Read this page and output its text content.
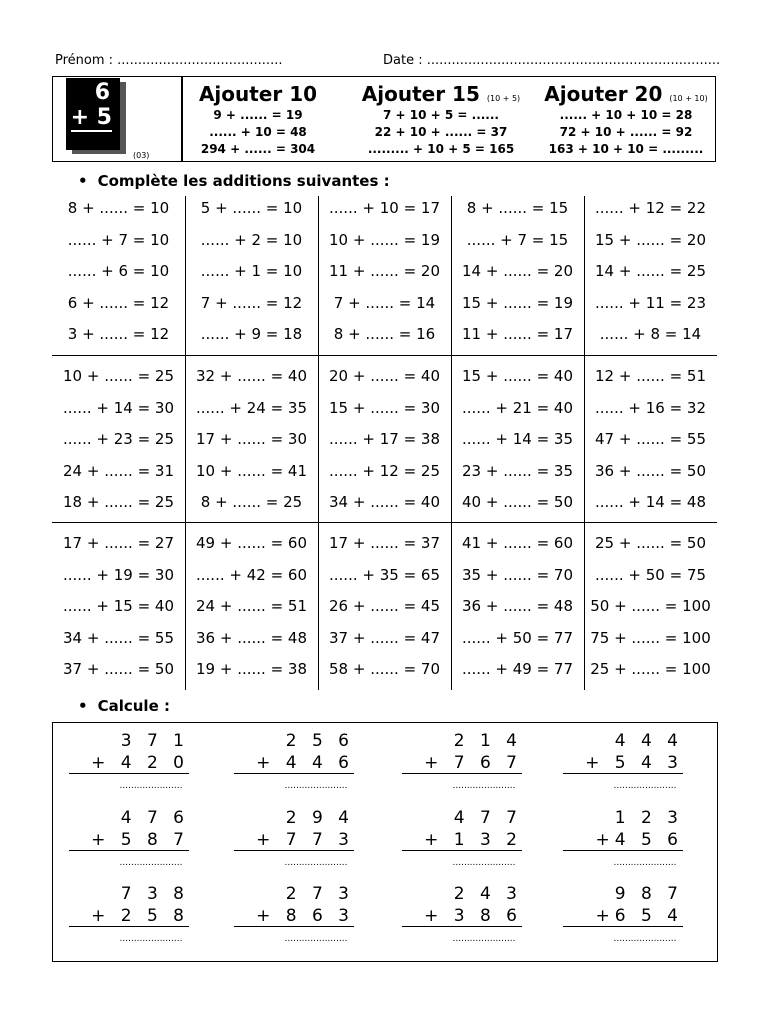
Prénom : ........................................	Date : .......................................................................
6
+ 5
(03)
Ajouter 10
9 + ...... = 19
...... + 10 = 48
294 + ...... = 304
Ajouter 15 (10 + 5)
7 + 10 + 5 = ......
22 + 10 + ...... = 37
......... + 10 + 5 = 165
Ajouter 20 (10 + 10)
...... + 10 + 10 = 28
72 + 10 + ...... = 92
163 + 10 + 10 = .........
• Complète les additions suivantes :
8 + ...... = 10	5 + ...... = 10	...... + 10 = 17	8 + ...... = 15	...... + 12 = 22
...... + 7 = 10	...... + 2 = 10	10 + ...... = 19	...... + 7 = 15	15 + ...... = 20
...... + 6 = 10	...... + 1 = 10	11 + ...... = 20	14 + ...... = 20	14 + ...... = 25
6 + ...... = 12	7 + ...... = 12	7 + ...... = 14	15 + ...... = 19	...... + 11 = 23
3 + ...... = 12	...... + 9 = 18	8 + ...... = 16	11 + ...... = 17	...... + 8 = 14
10 + ...... = 25	32 + ...... = 40	20 + ...... = 40	15 + ...... = 40	12 + ...... = 51
...... + 14 = 30	...... + 24 = 35	15 + ...... = 30	...... + 21 = 40	...... + 16 = 32
...... + 23 = 25	17 + ...... = 30	...... + 17 = 38	...... + 14 = 35	47 + ...... = 55
24 + ...... = 31	10 + ...... = 41	...... + 12 = 25	23 + ...... = 35	36 + ...... = 50
18 + ...... = 25	8 + ...... = 25	34 + ...... = 40	40 + ...... = 50	...... + 14 = 48
17 + ...... = 27	49 + ...... = 60	17 + ...... = 37	41 + ...... = 60	25 + ...... = 50
...... + 19 = 30	...... + 42 = 60	...... + 35 = 65	35 + ...... = 70	...... + 50 = 75
...... + 15 = 40	24 + ...... = 51	26 + ...... = 45	36 + ...... = 48	50 + ...... = 100
34 + ...... = 55	36 + ...... = 48	37 + ...... = 47	...... + 50 = 77	75 + ...... = 100
37 + ...... = 50	19 + ...... = 38	58 + ...... = 70	...... + 49 = 77	25 + ...... = 100
• Calcule :
3 7 1
+ 4 2 0
......................
2 5 6
+ 4 4 6
......................
2 1 4
+ 7 6 7
......................
4 4 4
+ 5 4 3
......................
4 7 6
+ 5 8 7
......................
2 9 4
+ 7 7 3
......................
4 7 7
+ 1 3 2
......................
1 2 3
+4 5 6
......................
7 3 8
+ 2 5 8
......................
2 7 3
+ 8 6 3
......................
2 4 3
+ 3 8 6
......................
9 8 7
+6 5 4
......................
